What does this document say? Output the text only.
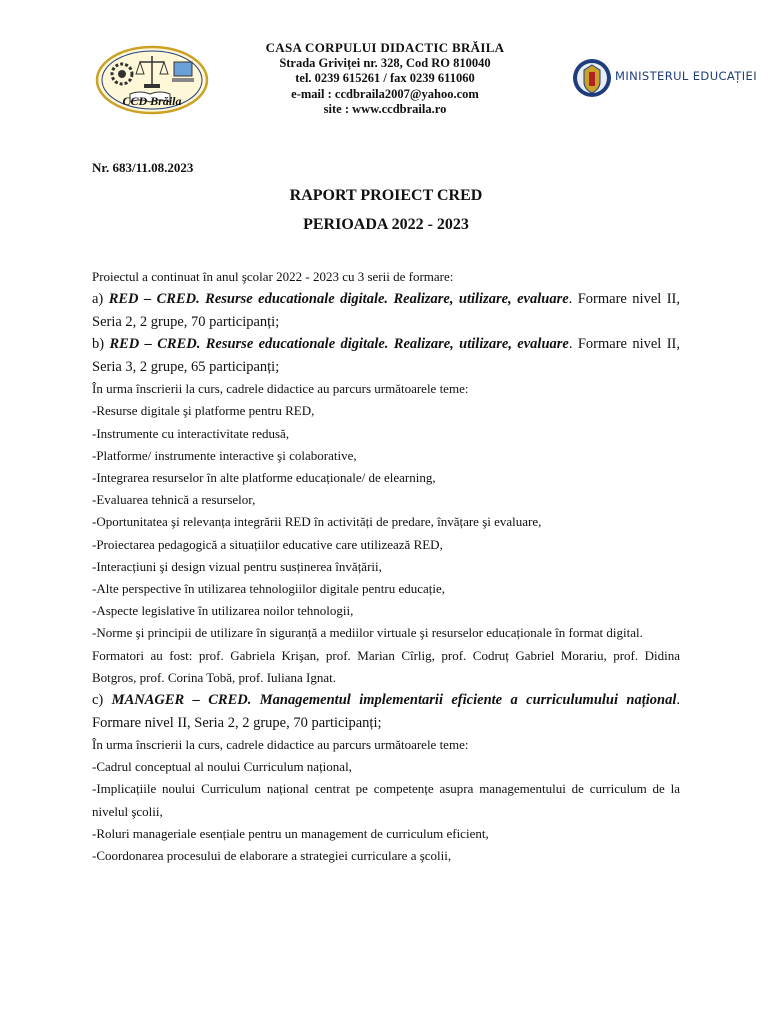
CCD Brăila
CASA CORPULUI DIDACTIC BRĂILA
Strada Griviței nr. 328, Cod RO 810040
tel. 0239 615261 / fax 0239 611060
e-mail : ccdbraila2007@yahoo.com
site : www.ccdbraila.ro
MINISTERUL EDUCAȚIEI
Nr. 683/11.08.2023
RAPORT PROIECT CRED
PERIOADA 2022 - 2023

Proiectul a continuat în anul şcolar 2022 - 2023 cu 3 serii de formare:

a) RED – CRED. Resurse educationale digitale. Realizare, utilizare, evaluare. Formare nivel II, Seria 2, 2 grupe, 70 participanți;

b) RED – CRED. Resurse educationale digitale. Realizare, utilizare, evaluare. Formare nivel II, Seria 3, 2 grupe, 65 participanți;

În urma înscrierii la curs, cadrele didactice au parcurs următoarele teme:

-Resurse digitale şi platforme pentru RED,

-Instrumente cu interactivitate redusă,

-Platforme/ instrumente interactive şi colaborative,

-Integrarea resurselor în alte platforme educaționale/ de elearning,

-Evaluarea tehnică a resurselor,

-Oportunitatea şi relevanța integrării RED în activități de predare, învățare şi evaluare,

-Proiectarea pedagogică a situațiilor educative care utilizează RED,

-Interacțiuni şi design vizual pentru susținerea învățării,

-Alte perspective în utilizarea tehnologiilor digitale pentru educație,

-Aspecte legislative în utilizarea noilor tehnologii,

-Norme şi principii de utilizare în siguranță a mediilor virtuale şi resurselor educaționale în format digital.

Formatori au fost: prof. Gabriela Krişan, prof. Marian Cîrlig, prof. Codruț Gabriel Morariu, prof. Didina Botgros, prof. Corina Tobă, prof. Iuliana Ignat.

c) MANAGER – CRED. Managementul implementarii eficiente a curriculumului național. Formare nivel II, Seria 2, 2 grupe, 70 participanți;

În urma înscrierii la curs, cadrele didactice au parcurs următoarele teme:

-Cadrul conceptual al noului Curriculum național,

-Implicațiile noului Curriculum național centrat pe competențe asupra managementului de curriculum de la nivelul şcolii,

-Roluri manageriale esențiale pentru un management de curriculum eficient,

-Coordonarea procesului de elaborare a strategiei curriculare a şcolii,
